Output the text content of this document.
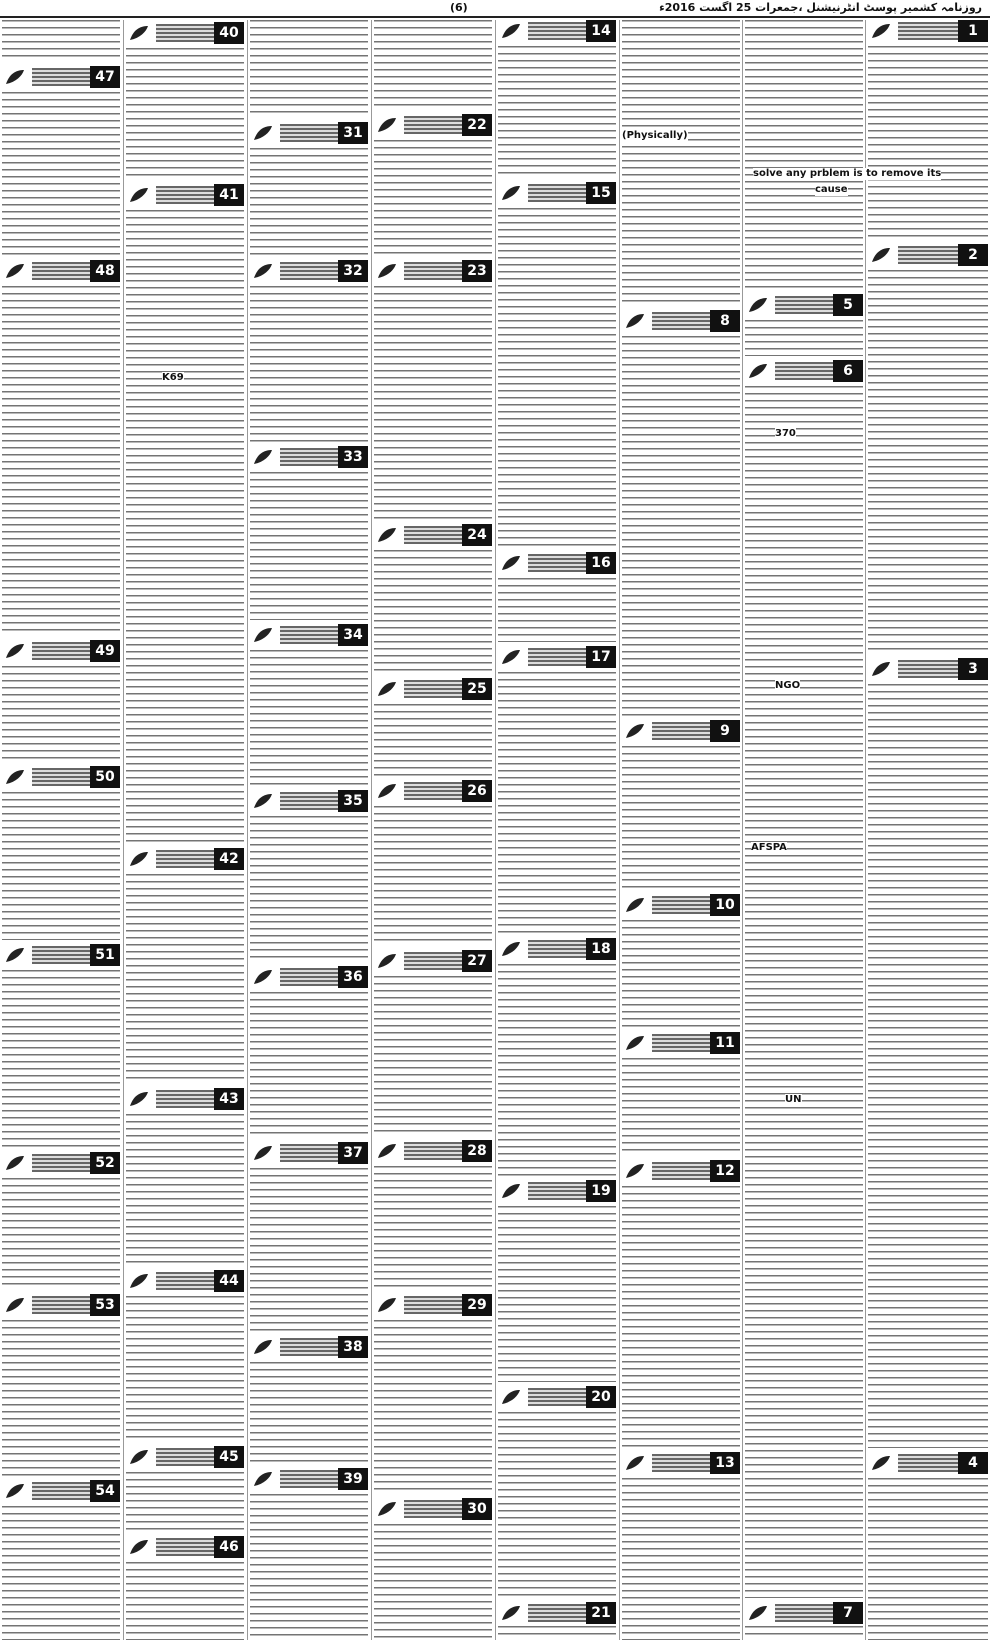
(6)	روزنامہ کشمیر پوسٹ انٹرنیشنل ،جمعرات 25 اگست 2016ء
1
2
3
4
5
6
7
solve any prblem is to remove its
cause
370
AFSPA
UN
NGO
8
9
10
11
12
13
(Physically)
14
15
16
17
18
19
20
21
22
23
24
25
26
27
28
29
30
31
32
33
34
35
36
37
38
39
40
41
42
43
44
45
46
K69
47
48
49
50
51
52
53
54
